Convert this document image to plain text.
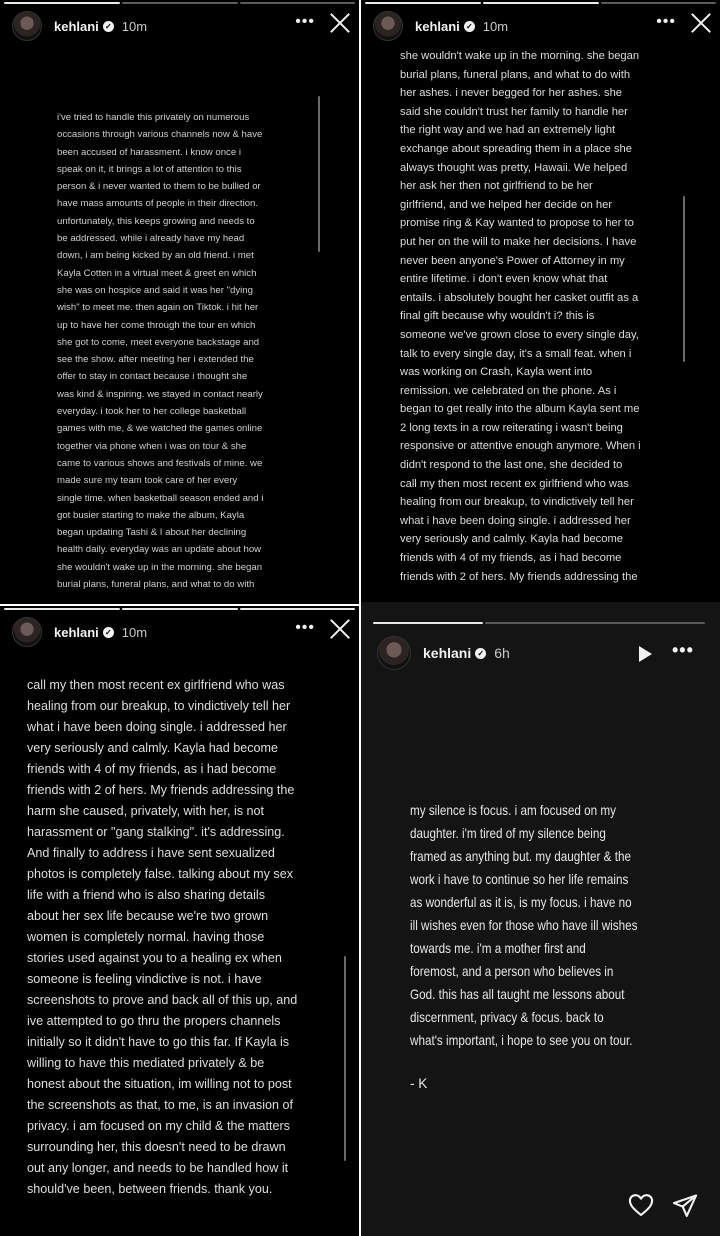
kehlani ✓ 10m	•••
i've tried to handle this privately on numerous
occasions through various channels now & have
been accused of harassment. i know once i
speak on it, it brings a lot of attention to this
person & i never wanted to them to be bullied or
have mass amounts of people in their direction.
unfortunately, this keeps growing and needs to
be addressed. while i already have my head
down, i am being kicked by an old friend. i met
Kayla Cotten in a virtual meet & greet en which
she was on hospice and said it was her "dying
wish" to meet me. then again on Tiktok. i hit her
up to have her come through the tour en which
she got to come, meet everyone backstage and
see the show. after meeting her i extended the
offer to stay in contact because i thought she
was kind & inspiring. we stayed in contact nearly
everyday. i took her to her college basketball
games with me, & we watched the games online
together via phone when i was on tour & she
came to various shows and festivals of mine. we
made sure my team took care of her every
single time. when basketball season ended and i
got busier starting to make the album, Kayla
began updating Tashi & I about her declining
health daily. everyday was an update about how
she wouldn't wake up in the morning. she began
burial plans, funeral plans, and what to do with
kehlani ✓ 10m	•••
she wouldn't wake up in the morning. she began
burial plans, funeral plans, and what to do with
her ashes. i never begged for her ashes. she
said she couldn't trust her family to handle her
the right way and we had an extremely light
exchange about spreading them in a place she
always thought was pretty, Hawaii. We helped
her ask her then not girlfriend to be her
girlfriend, and we helped her decide on her
promise ring & Kay wanted to propose to her to
put her on the will to make her decisions. I have
never been anyone's Power of Attorney in my
entire lifetime. i don't even know what that
entails. i absolutely bought her casket outfit as a
final gift because why wouldn't i? this is
someone we've grown close to every single day,
talk to every single day, it's a small feat. when i
was working on Crash, Kayla went into
remission. we celebrated on the phone. As i
began to get really into the album Kayla sent me
2 long texts in a row reiterating i wasn't being
responsive or attentive enough anymore. When i
didn't respond to the last one, she decided to
call my then most recent ex girlfriend who was
healing from our breakup, to vindictively tell her
what i have been doing single. i addressed her
very seriously and calmly. Kayla had become
friends with 4 of my friends, as i had become
friends with 2 of hers. My friends addressing the
kehlani ✓ 10m	•••
call my then most recent ex girlfriend who was
healing from our breakup, to vindictively tell her
what i have been doing single. i addressed her
very seriously and calmly. Kayla had become
friends with 4 of my friends, as i had become
friends with 2 of hers. My friends addressing the
harm she caused, privately, with her, is not
harassment or "gang stalking". it's addressing.
And finally to address i have sent sexualized
photos is completely false. talking about my sex
life with a friend who is also sharing details
about her sex life because we're two grown
women is completely normal. having those
stories used against you to a healing ex when
someone is feeling vindictive is not. i have
screenshots to prove and back all of this up, and
ive attempted to go thru the propers channels
initially so it didn't have to go this far. If Kayla is
willing to have this mediated privately & be
honest about the situation, im willing not to post
the screenshots as that, to me, is an invasion of
privacy. i am focused on my child & the matters
surrounding her, this doesn't need to be drawn
out any longer, and needs to be handled how it
should've been, between friends. thank you.
kehlani ✓ 6h	•••
my silence is focus. i am focused on my
daughter. i'm tired of my silence being
framed as anything but. my daughter & the
work i have to continue so her life remains
as wonderful as it is, is my focus. i have no
ill wishes even for those who have ill wishes
towards me. i'm a mother first and
foremost, and a person who believes in
God. this has all taught me lessons about
discernment, privacy & focus. back to
what's important, i hope to see you on tour.
- K
